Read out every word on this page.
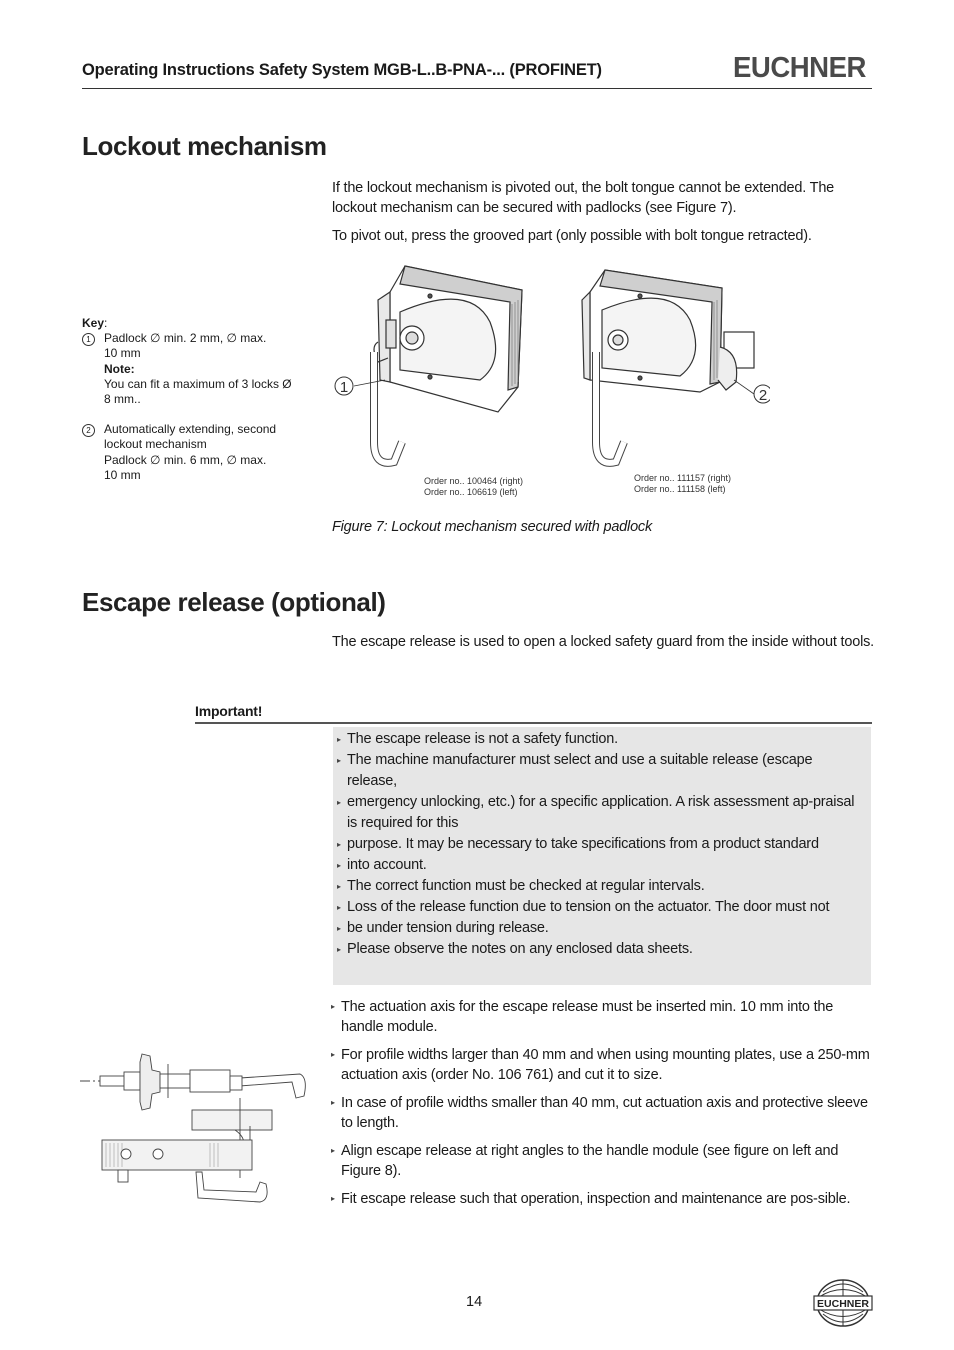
Operating Instructions Safety System MGB-L..B-PNA-... (PROFINET)	EUCHNER
Lockout mechanism
If the lockout mechanism is pivoted out, the bolt tongue cannot be extended. The lockout mechanism can be secured with padlocks (see Figure 7).
To pivot out, press the grooved part (only possible with bolt tongue retracted).
Key:
1	Padlock ∅ min. 2 mm, ∅ max.
10 mm
Note:
You can fit a maximum of 3 locks Ø 8 mm..
2	Automatically extending, second lockout mechanism
Padlock ∅ min. 6 mm, ∅ max.
10 mm
1	2
Order no.. 100464 (right)
Order no.. 106619 (left)
Order no.. 111157 (right)
Order no.. 111158 (left)
Figure 7: Lockout mechanism secured with padlock
Escape release (optional)
The escape release is used to open a locked safety guard from the inside without tools.
Important!
▸ The escape release is not a safety function.
▸ The machine manufacturer must select and use a suitable release (escape release,
▸ emergency unlocking, etc.) for a specific application. A risk assessment ap-praisal is required for this
▸ purpose. It may be necessary to take specifications from a product standard
▸ into account.
▸ The correct function must be checked at regular intervals.
▸ Loss of the release function due to tension on the actuator. The door must not
▸ be under tension during release.
▸ Please observe the notes on any enclosed data sheets.
▸ The actuation axis for the escape release must be inserted min. 10 mm into the handle module.
▸ For profile widths larger than 40 mm and when using mounting plates, use a 250-mm actuation axis (order No. 106 761) and cut it to size.
▸ In case of profile widths smaller than 40 mm, cut actuation axis and protective sleeve to length.
▸ Align escape release at right angles to the handle module (see figure on left and Figure 8).
▸ Fit escape release such that operation, inspection and maintenance are pos-sible.
14	EUCHNER
